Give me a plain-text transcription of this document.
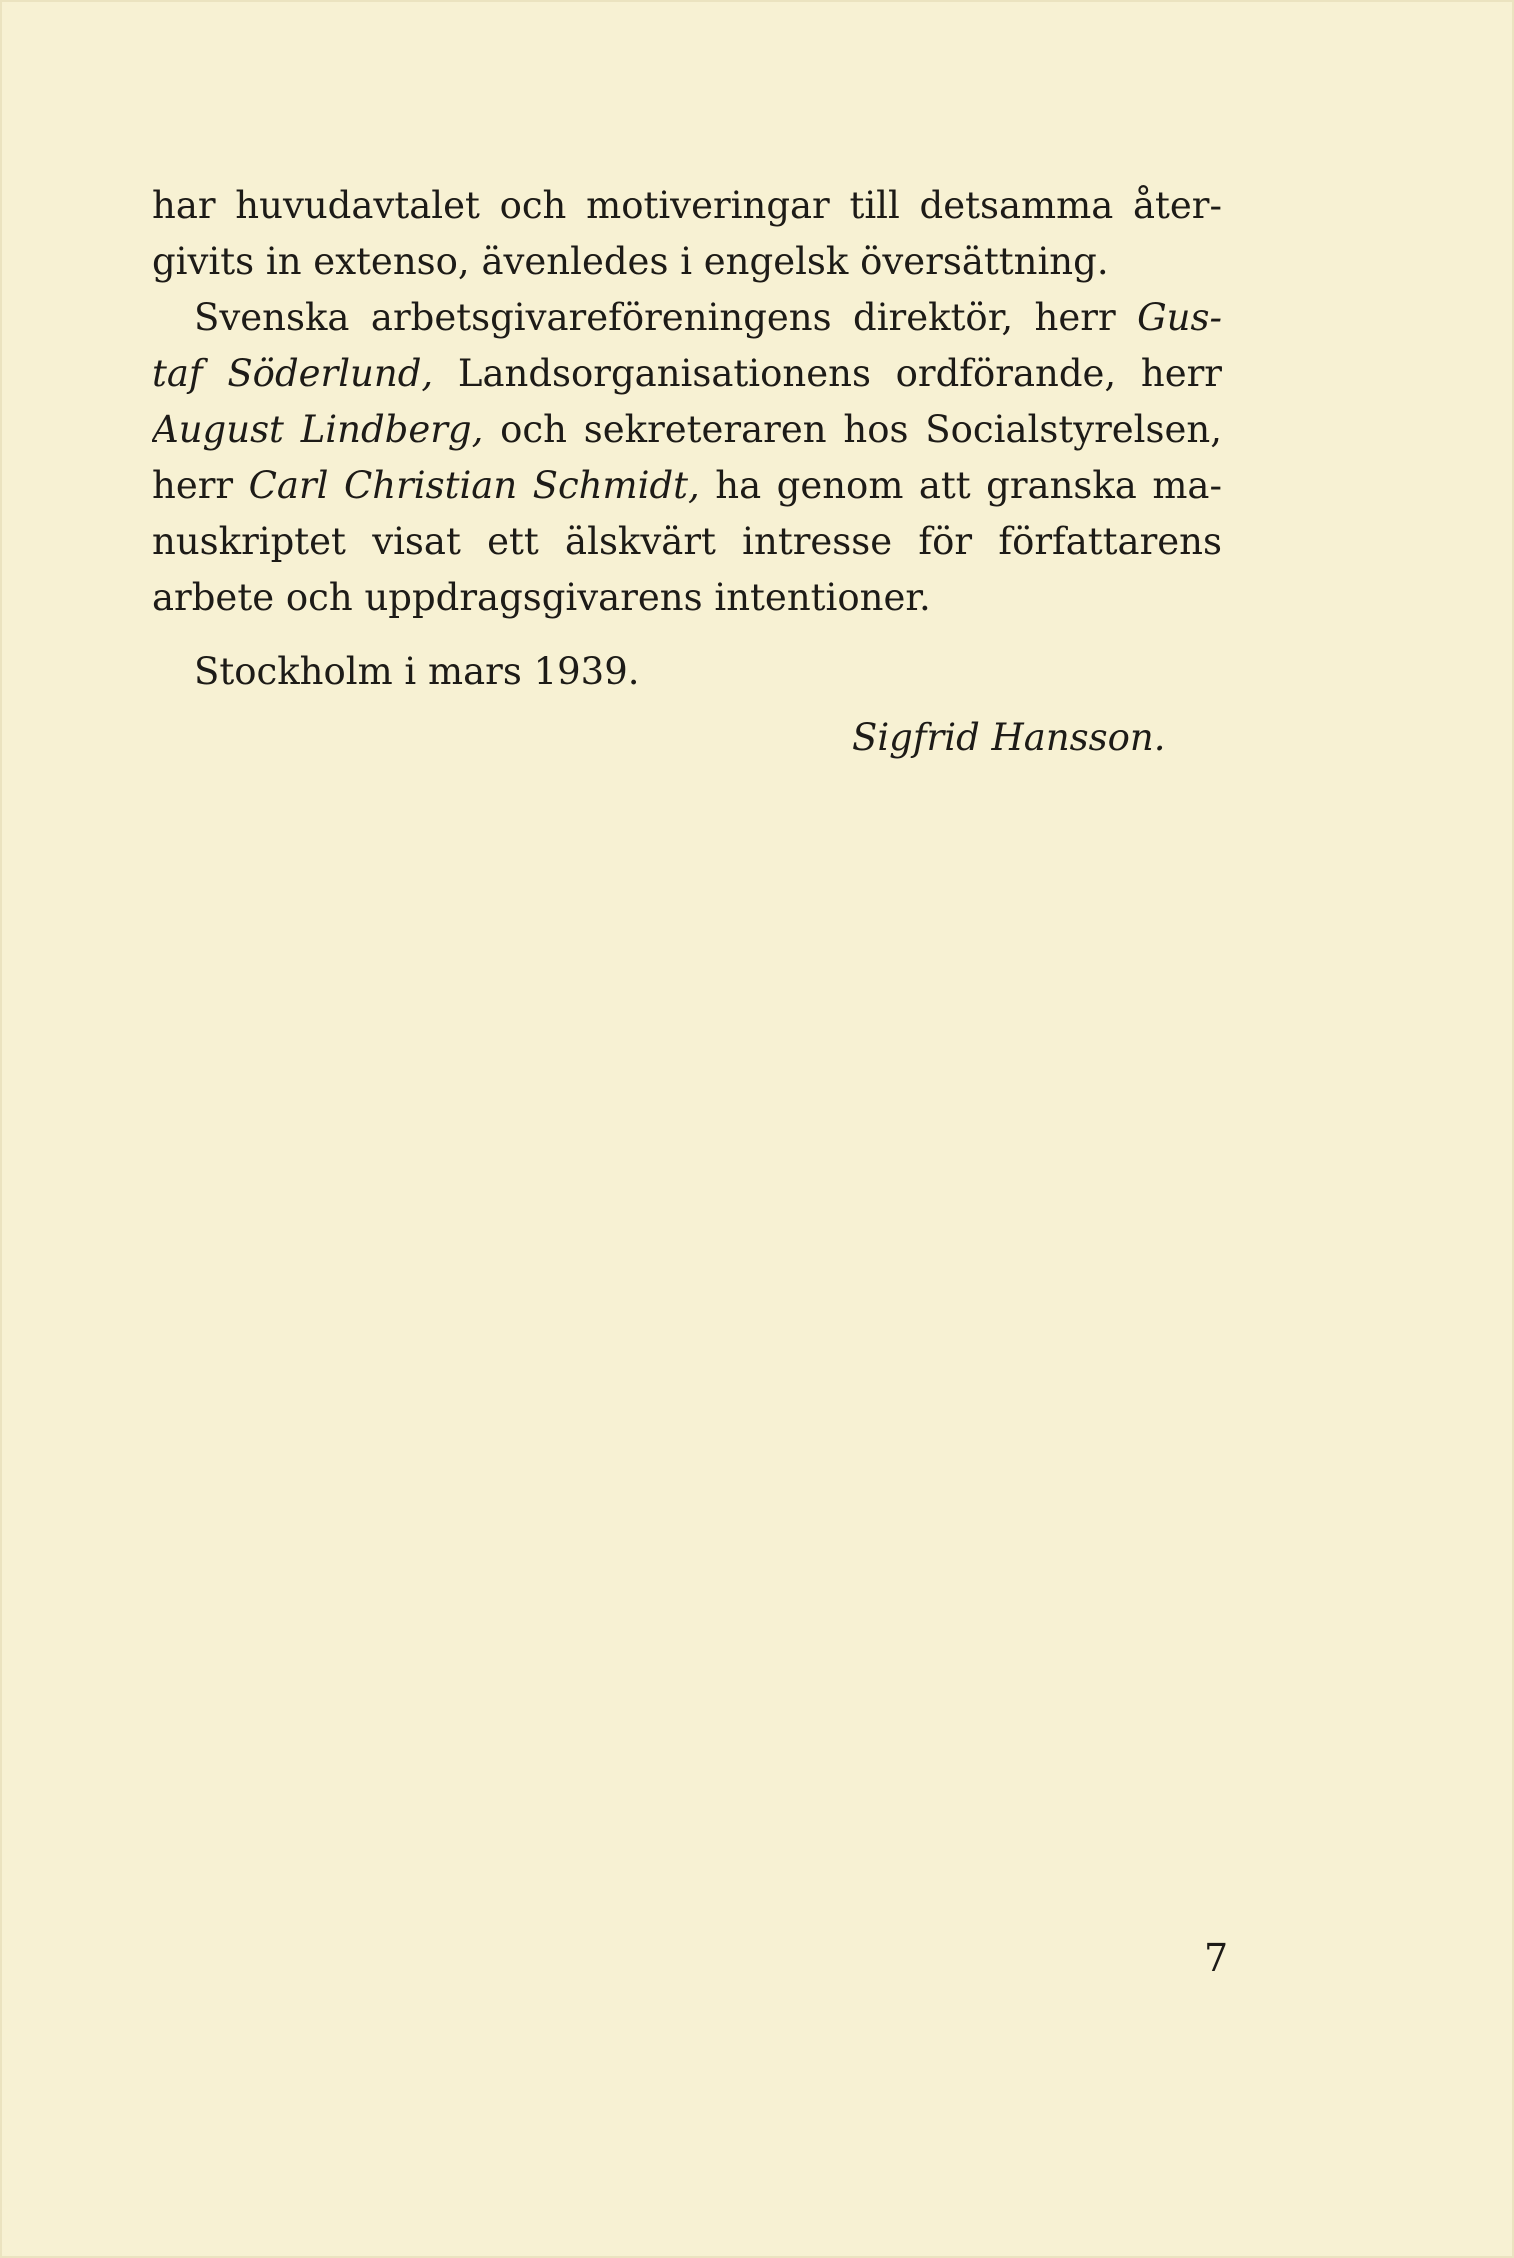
har huvudavtalet och motiveringar till detsamma åter-
givits in extenso, ävenledes i engelsk översättning.
Svenska arbetsgivareföreningens direktör, herr Gus-
taf Söderlund, Landsorganisationens ordförande, herr
August Lindberg, och sekreteraren hos Socialstyrelsen,
herr Carl Christian Schmidt, ha genom att granska ma-
nuskriptet visat ett älskvärt intresse för författarens
arbete och uppdragsgivarens intentioner.
Stockholm i mars 1939.
Sigfrid Hansson.
7
